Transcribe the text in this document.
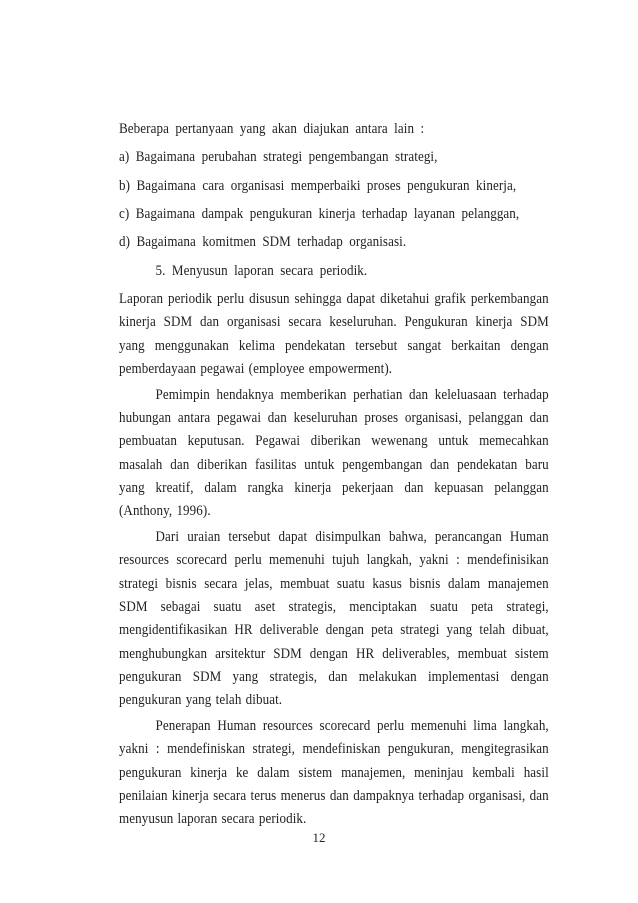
Beberapa pertanyaan yang akan diajukan antara lain :
a) Bagaimana perubahan strategi pengembangan strategi,
b) Bagaimana cara organisasi memperbaiki proses pengukuran kinerja,
c) Bagaimana dampak pengukuran kinerja terhadap layanan pelanggan,
d) Bagaimana komitmen SDM terhadap organisasi.
5. Menyusun laporan secara periodik.

Laporan periodik perlu disusun sehingga dapat diketahui grafik perkembangan kinerja SDM dan organisasi secara keseluruhan. Pengukuran kinerja SDM yang menggunakan kelima pendekatan tersebut sangat berkaitan dengan pemberdayaan pegawai (employee empowerment).

Pemimpin hendaknya memberikan perhatian dan keleluasaan terhadap hubungan antara pegawai dan keseluruhan proses organisasi, pelanggan dan pembuatan keputusan. Pegawai diberikan wewenang untuk memecahkan masalah dan diberikan fasilitas untuk pengembangan dan pendekatan baru yang kreatif, dalam rangka kinerja pekerjaan dan kepuasan pelanggan (Anthony, 1996).

Dari uraian tersebut dapat disimpulkan bahwa, perancangan Human resources scorecard perlu memenuhi tujuh langkah, yakni : mendefinisikan strategi bisnis secara jelas, membuat suatu kasus bisnis dalam manajemen SDM sebagai suatu aset strategis, menciptakan suatu peta strategi, mengidentifikasikan HR deliverable dengan peta strategi yang telah dibuat, menghubungkan arsitektur SDM dengan HR deliverables, membuat sistem pengukuran SDM yang strategis, dan melakukan implementasi dengan pengukuran yang telah dibuat.

Penerapan Human resources scorecard perlu memenuhi lima langkah, yakni : mendefiniskan strategi, mendefiniskan pengukuran, mengitegrasikan pengukuran kinerja ke dalam sistem manajemen, meninjau kembali hasil penilaian kinerja secara terus menerus dan dampaknya terhadap organisasi, dan menyusun laporan secara periodik.

12
